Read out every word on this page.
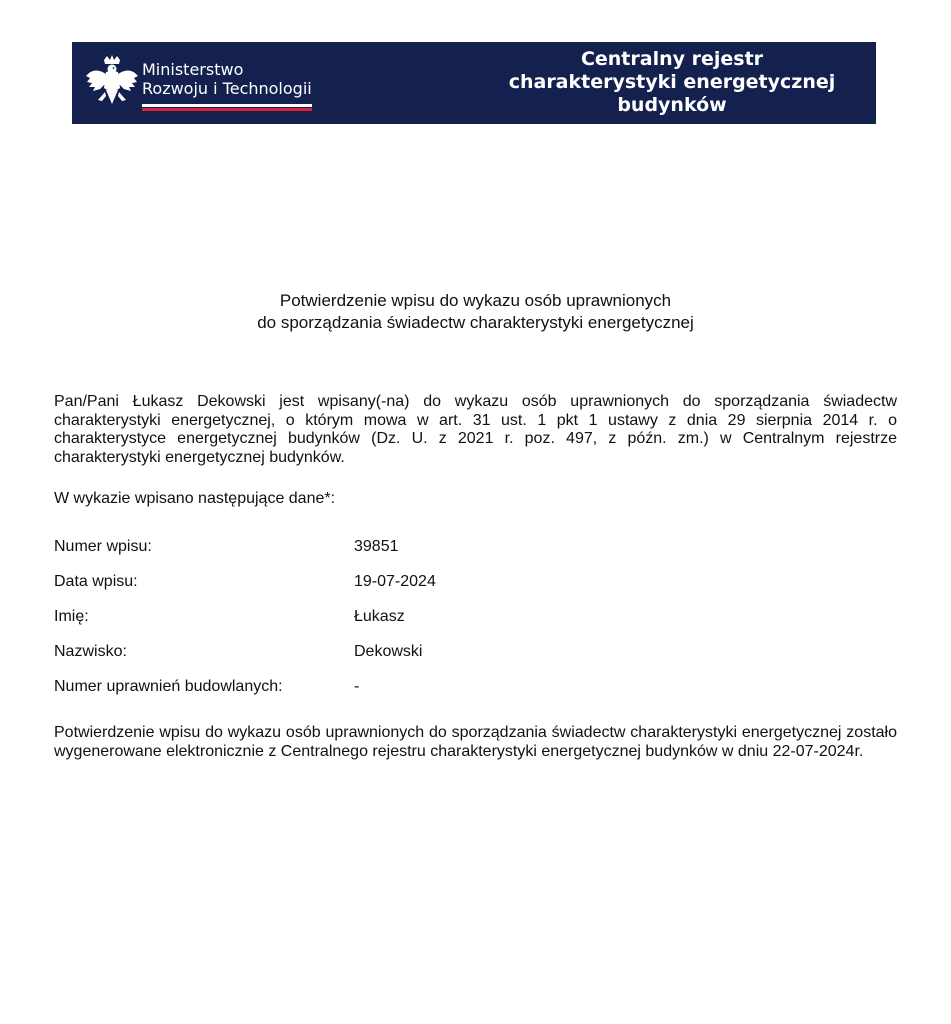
Ministerstwo
Rozwoju i Technologii
Centralny rejestr
charakterystyki energetycznej
budynków
Potwierdzenie wpisu do wykazu osób uprawnionych
do sporządzania świadectw charakterystyki energetycznej
Pan/Pani Łukasz Dekowski jest wpisany(-na) do wykazu osób uprawnionych do sporządzania świadectw charakterystyki energetycznej, o którym mowa w art. 31 ust. 1 pkt 1 ustawy z dnia 29 sierpnia 2014 r. o charakterystyce energetycznej budynków (Dz. U. z 2021 r. poz. 497, z późn. zm.) w Centralnym rejestrze charakterystyki energetycznej budynków.
W wykazie wpisano następujące dane*:
Numer wpisu:	39851
Data wpisu:	19-07-2024
Imię:	Łukasz
Nazwisko:	Dekowski
Numer uprawnień budowlanych:	-
Potwierdzenie wpisu do wykazu osób uprawnionych do sporządzania świadectw charakterystyki energetycznej zostało wygenerowane elektronicznie z Centralnego rejestru charakterystyki energetycznej budynków w dniu 22-07-2024r.
